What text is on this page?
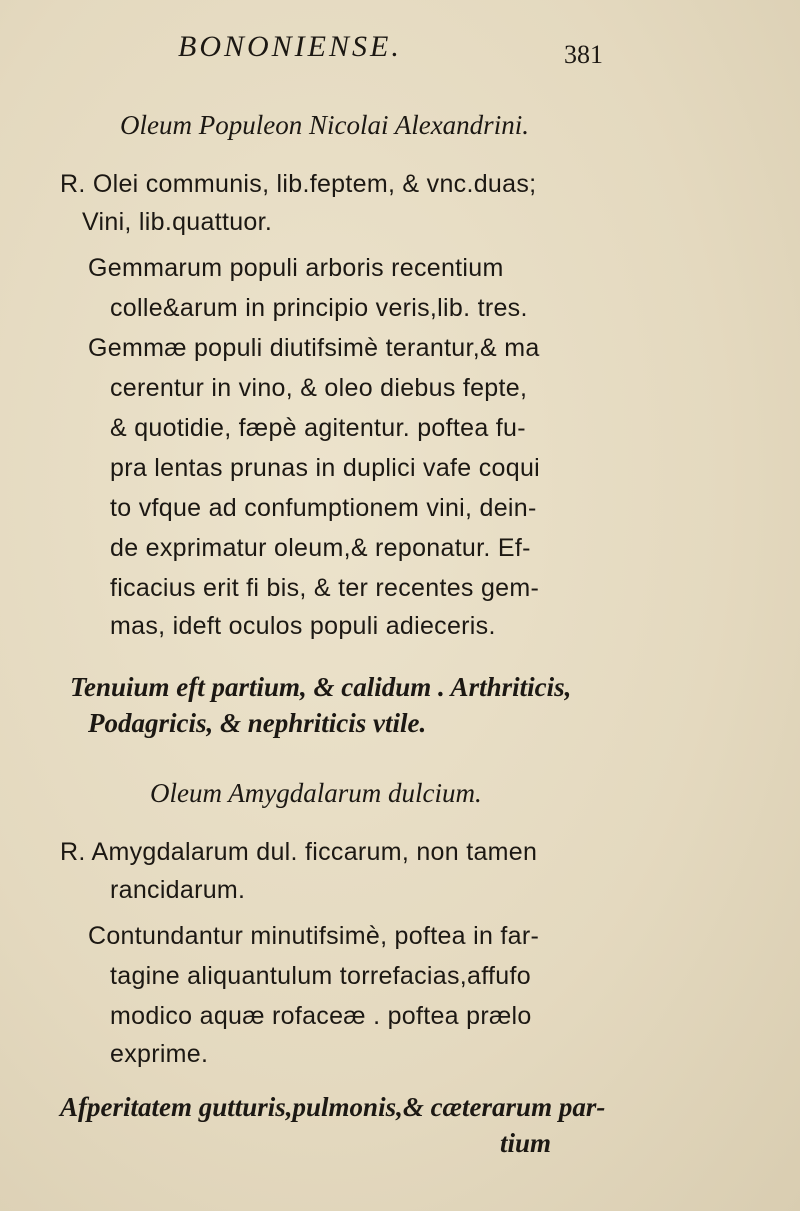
BONONIENSE.	381
Oleum Populeon Nicolai Alexandrini.
R. Olei communis, lib.feptem, & vnc.duas;
Vini, lib.quattuor.
Gemmarum populi arboris recentium
colle&arum in principio veris,lib. tres.
Gemmæ populi diutifsimè terantur,& ma
cerentur in vino, & oleo diebus fepte,
& quotidie, fæpè agitentur. poftea fu-
pra lentas prunas in duplici vafe coqui
to vfque ad confumptionem vini, dein-
de exprimatur oleum,& reponatur. Ef-
ficacius erit fi bis, & ter recentes gem-
mas, ideft oculos populi adieceris.
Tenuium eft partium, & calidum . Arthriticis,
Podagricis, & nephriticis vtile.
Oleum Amygdalarum dulcium.
R. Amygdalarum dul. ficcarum, non tamen
rancidarum.
Contundantur minutifsimè, poftea in far-
tagine aliquantulum torrefacias,affufo
modico aquæ rofaceæ . poftea prælo
exprime.
Afperitatem gutturis,pulmonis,& cæterarum par-
tium
